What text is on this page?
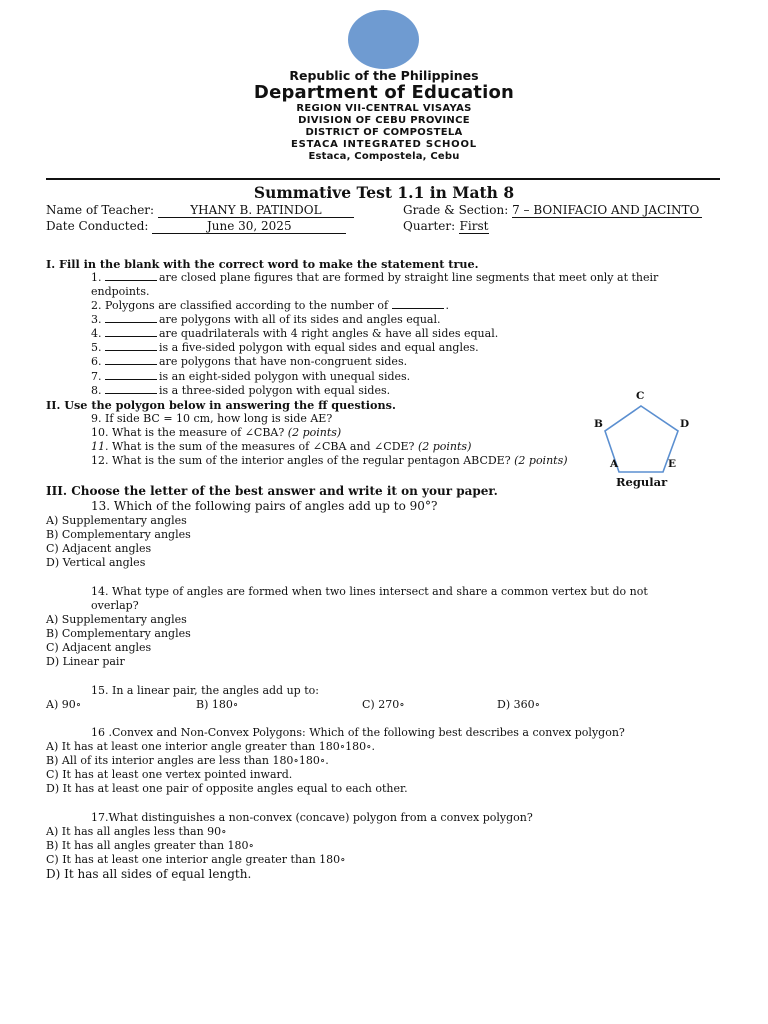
Republic of the Philippines
Department of Education
REGION VII-CENTRAL VISAYAS
DIVISION OF CEBU PROVINCE
DISTRICT OF COMPOSTELA
ESTACA INTEGRATED SCHOOL
Estaca, Compostela, Cebu
Summative Test 1.1 in Math 8
Name of Teacher:	YHANY B. PATINDOL	Grade & Section: 7 – BONIFACIO AND JACINTO
Date Conducted:	June 30, 2025	Quarter: First
I. Fill in the blank with the correct word to make the statement true.
1.	are closed plane figures that are formed by straight line segments that meet only at their
endpoints.
2. Polygons are classified according to the number of	.
3.	are polygons with all of its sides and angles equal.
4.	are quadrilaterals with 4 right angles & have all sides equal.
5.	is a five-sided polygon with equal sides and equal angles.
6.	are polygons that have non-congruent sides.
7.	is an eight-sided polygon with unequal sides.
8.	is a three-sided polygon with equal sides.
II. Use the polygon below in answering the ff questions.
9. If side BC = 10 cm, how long is side AE?
10. What is the measure of ∠CBA? (2 points)
11. What is the sum of the measures of ∠CBA and ∠CDE? (2 points)
12. What is the sum of the interior angles of the regular pentagon ABCDE? (2 points)
C
B	D
A	E
Regular
III. Choose the letter of the best answer and write it on your paper.
13. Which of the following pairs of angles add up to 90°?
A) Supplementary angles
B) Complementary angles
C) Adjacent angles
D) Vertical angles
14. What type of angles are formed when two lines intersect and share a common vertex but do not
overlap?
A) Supplementary angles
B) Complementary angles
C) Adjacent angles
D) Linear pair
15. In a linear pair, the angles add up to:
A) 90∘	B) 180∘	C) 270∘	D) 360∘
16 .Convex and Non-Convex Polygons: Which of the following best describes a convex polygon?
A) It has at least one interior angle greater than 180∘180∘.
B) All of its interior angles are less than 180∘180∘.
C) It has at least one vertex pointed inward.
D) It has at least one pair of opposite angles equal to each other.
17.What distinguishes a non-convex (concave) polygon from a convex polygon?
A) It has all angles less than 90∘
B) It has all angles greater than 180∘
C) It has at least one interior angle greater than 180∘
D) It has all sides of equal length.
